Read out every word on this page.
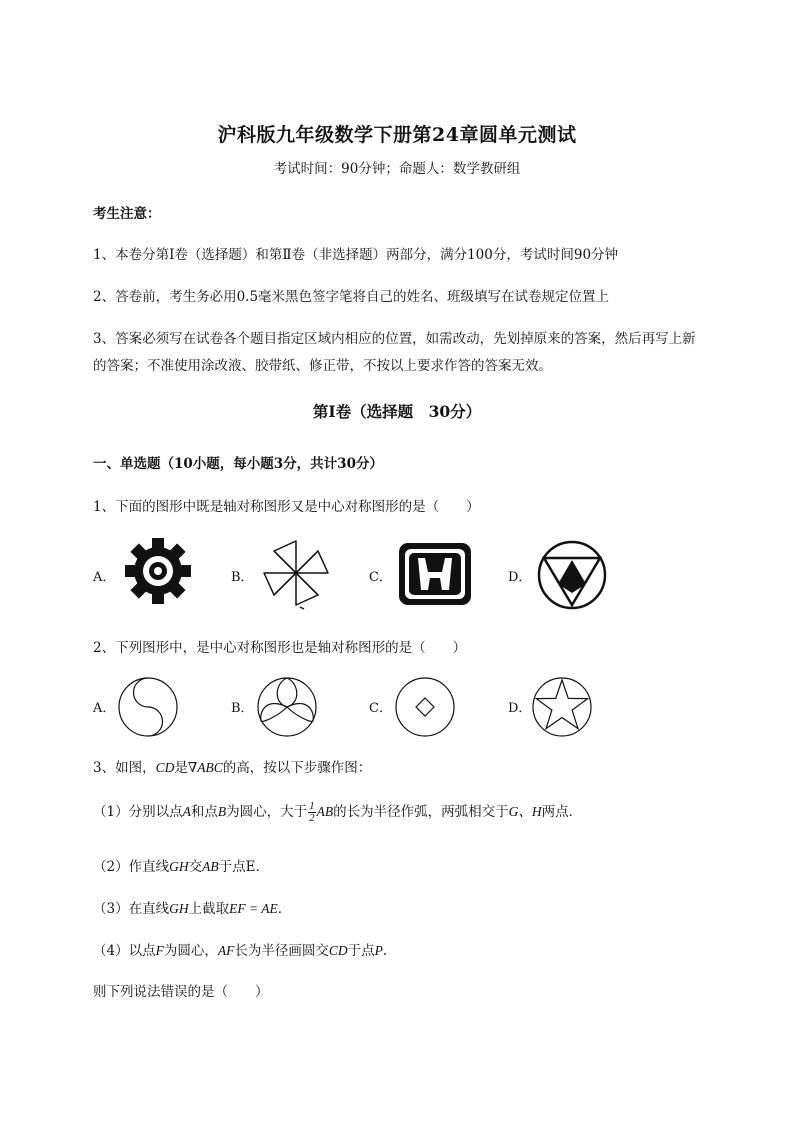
沪科版九年级数学下册第24章圆单元测试
考试时间：90分钟；命题人：数学教研组
考生注意：
1、本卷分第I卷（选择题）和第Ⅱ卷（非选择题）两部分，满分100分，考试时间90分钟
2、答卷前，考生务必用0.5毫米黑色签字笔将自己的姓名、班级填写在试卷规定位置上
3、答案必须写在试卷各个题目指定区域内相应的位置，如需改动，先划掉原来的答案，然后再写上新
的答案；不准使用涂改液、胶带纸、修正带，不按以上要求作答的答案无效。
第I卷（选择题　30分）
一、单选题（10小题，每小题3分，共计30分）
1、下面的图形中既是轴对称图形又是中心对称图形的是（　　）
A．	B．	C．	D．
2、下列图形中，是中心对称图形也是轴对称图形的是（　　）
A．	B．	C．	D．
3、如图，CD是∇ABC的高，按以下步骤作图：
（1）分别以点A和点B为圆心，大于 $\frac{1}{2}$ AB的长为半径作弧，两弧相交于G、H两点．
（2）作直线GH交AB于点E．
（3）在直线GH上截取EF = AE．
（4）以点F为圆心，AF长为半径画圆交CD于点P.
则下列说法错误的是（　　）
